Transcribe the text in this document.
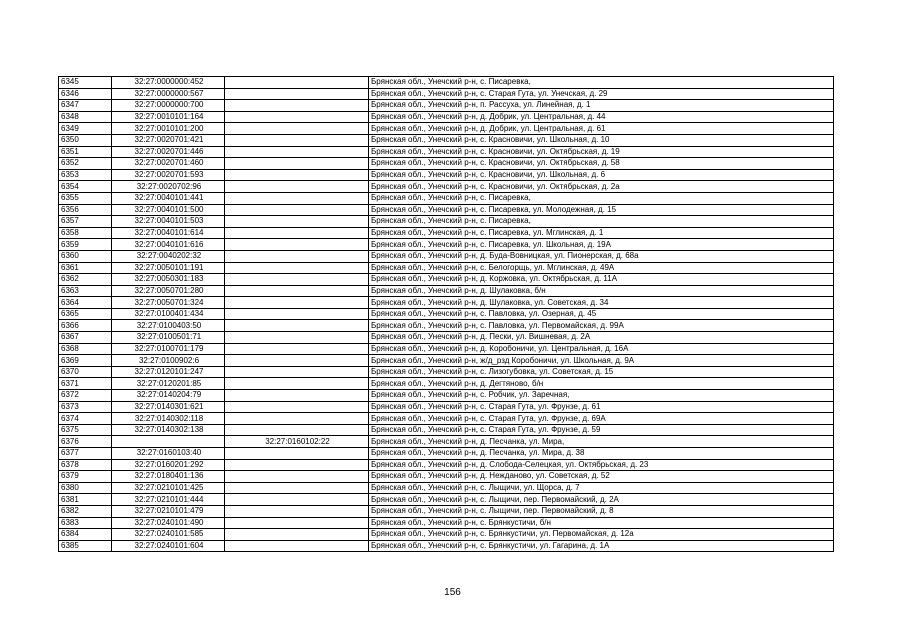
6345	32:27:0000000:452		Брянская обл., Унечский р-н, с. Писаревка,
6346	32:27:0000000:567		Брянская обл., Унечский р-н, с. Старая Гута, ул. Унечская, д. 29
6347	32:27:0000000:700		Брянская обл., Унечский р-н, п. Рассуха, ул. Линейная, д. 1
6348	32:27:0010101:164		Брянская обл., Унечский р-н, д. Добрик, ул. Центральная, д. 44
6349	32:27:0010101:200		Брянская обл., Унечский р-н, д. Добрик, ул. Центральная, д. 61
6350	32:27:0020701:421		Брянская обл., Унечский р-н, с. Красновичи, ул. Школьная, д. 10
6351	32:27:0020701:446		Брянская обл., Унечский р-н, с. Красновичи, ул. Октябрьская, д. 19
6352	32:27:0020701:460		Брянская обл., Унечский р-н, с. Красновичи, ул. Октябрьская, д. 58
6353	32:27:0020701:593		Брянская обл., Унечский р-н, с. Красновичи, ул. Школьная, д. 6
6354	32:27:0020702:96		Брянская обл., Унечский р-н, с. Красновичи, ул. Октябрьская, д. 2а
6355	32:27:0040101:441		Брянская обл., Унечский р-н, с. Писаревка,
6356	32:27:0040101:500		Брянская обл., Унечский р-н, с. Писаревка, ул. Молодежная, д. 15
6357	32:27:0040101:503		Брянская обл., Унечский р-н, с. Писаревка,
6358	32:27:0040101:614		Брянская обл., Унечский р-н, с. Писаревка, ул. Мглинская, д. 1
6359	32:27:0040101:616		Брянская обл., Унечский р-н, с. Писаревка, ул. Школьная, д. 19А
6360	32:27:0040202:32		Брянская обл., Унечский р-н, д. Буда-Вовницкая, ул. Пионерская, д. 68а
6361	32:27:0050101:191		Брянская обл., Унечский р-н, с. Белогорщь, ул. Мглинская, д. 49А
6362	32:27:0050301:183		Брянская обл., Унечский р-н, д. Коржовка, ул. Октябрьская, д. 11А
6363	32:27:0050701:280		Брянская обл., Унечский р-н, д. Шулаковка, б/н
6364	32:27:0050701:324		Брянская обл., Унечский р-н, д. Шулаковка, ул. Советская, д. 34
6365	32:27:0100401:434		Брянская обл., Унечский р-н, с. Павловка, ул. Озерная, д. 45
6366	32:27:0100403:50		Брянская обл., Унечский р-н, с. Павловка, ул. Первомайская, д. 99А
6367	32:27:0100501:71		Брянская обл., Унечский р-н, д. Пески, ул. Вишневая, д. 2А
6368	32:27:0100701:179		Брянская обл., Унечский р-н, д. Коробоничи, ул. Центральная, д. 16А
6369	32:27:0100902:6		Брянская обл., Унечский р-н, ж/д_рзд Коробоничи, ул. Школьная, д. 9А
6370	32:27:0120101:247		Брянская обл., Унечский р-н, с. Лизогубовка, ул. Советская, д. 15
6371	32:27:0120201:85		Брянская обл., Унечский р-н, д. Дегтяново, б/н
6372	32:27:0140204:79		Брянская обл., Унечский р-н, с. Робчик, ул. Заречная,
6373	32:27:0140301:621		Брянская обл., Унечский р-н, с. Старая Гута, ул. Фрунзе, д. 61
6374	32:27:0140302:118		Брянская обл., Унечский р-н, с. Старая Гута, ул. Фрунзе, д. 69А
6375	32:27:0140302:138		Брянская обл., Унечский р-н, с. Старая Гута, ул. Фрунзе, д. 59
6376		32:27:0160102:22	Брянская обл., Унечский р-н, д. Песчанка, ул. Мира,
6377	32:27:0160103:40		Брянская обл., Унечский р-н, д. Песчанка, ул. Мира, д. 38
6378	32:27:0160201:292		Брянская обл., Унечский р-н, д. Слобода-Селецкая, ул. Октябрьская, д. 23
6379	32:27:0180401:136		Брянская обл., Унечский р-н, д. Нежданово, ул. Советская, д. 52
6380	32:27:0210101:425		Брянская обл., Унечский р-н, с. Лыщичи, ул. Щорса, д. 7
6381	32:27:0210101:444		Брянская обл., Унечский р-н, с. Лыщичи, пер. Первомайский, д. 2А
6382	32:27:0210101:479		Брянская обл., Унечский р-н, с. Лыщичи, пер. Первомайский, д. 8
6383	32:27:0240101:490		Брянская обл., Унечский р-н, с. Брянкустичи, б/н
6384	32:27:0240101:585		Брянская обл., Унечский р-н, с. Брянкустичи, ул. Первомайская, д. 12а
6385	32:27:0240101:604		Брянская обл., Унечский р-н, с. Брянкустичи, ул. Гагарина, д. 1А
156
